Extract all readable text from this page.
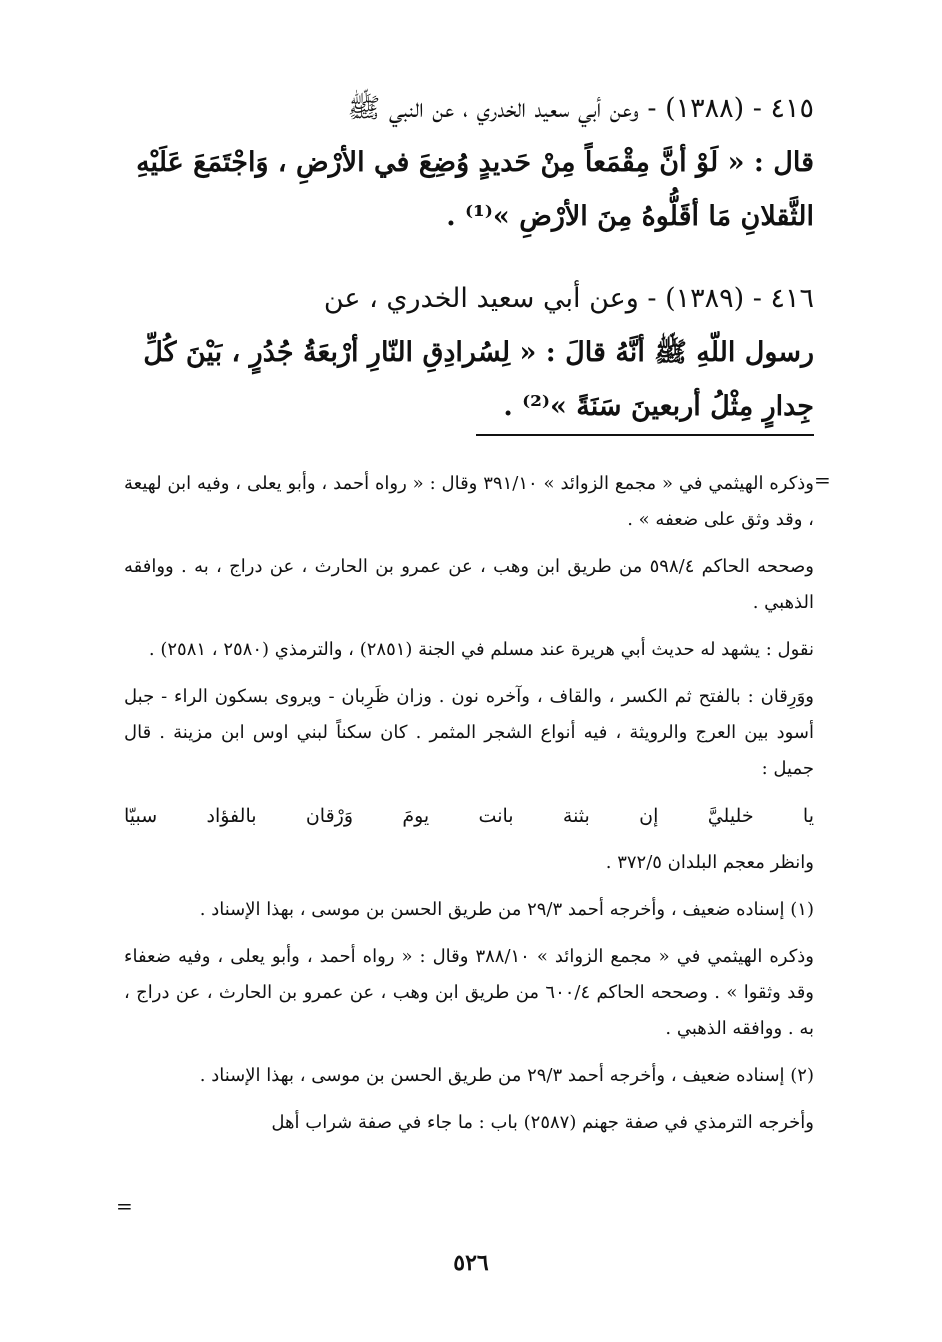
٤١٥ - (١٣٨٨) - وعن أبي سعيد الخدري ، عن النبي ﷺ

قال : « لَوْ أنَّ مِقْمَعاً مِنْ حَديدٍ وُضِعَ في الأرْضِ ، وَاجْتَمَعَ عَلَيْهِ

الثَّقلانِ مَا أقَلُّوهُ مِنَ الأرْضِ »⁽¹⁾ .

٤١٦ - (١٣٨٩) - وعن أبي سعيد الخدري ، عن

رسول اللّهِ ﷺ أنَّهُ قالَ : « لِسُرادِقِ النّارِ أرْبعَةُ جُدُرٍ ، بَيْنَ كُلِّ

جِدارٍ مِثْلُ أربعينَ سَنَةً »⁽²⁾ .

=

وذكره الهيثمي في « مجمع الزوائد » ٣٩١/١٠ وقال : « رواه أحمد ، وأبو يعلى ، وفيه ابن لهيعة ، وقد وثق على ضعفه » .

وصححه الحاكم ٥٩٨/٤ من طريق ابن وهب ، عن عمرو بن الحارث ، عن دراج ، به . ووافقه الذهبي .

نقول : يشهد له حديث أبي هريرة عند مسلم في الجنة (٢٨٥١) ، والترمذي (٢٥٨٠ ، ٢٥٨١) .

ووَرِقان : بالفتح ثم الكسر ، والقاف ، وآخره نون . وزان ظَرِبان - ويروى بسكون الراء - جبل أسود بين العرج والرويثة ، فيه أنواع الشجر المثمر . كان سكناً لبني اوس ابن مزينة . قال جميل :

يا خليليَّ إن بثنة بانت يومَ وَرْقان بالفؤاد سبيّا

وانظر معجم البلدان ٣٧٢/٥ .

(١) إسناده ضعيف ، وأخرجه أحمد ٢٩/٣ من طريق الحسن بن موسى ، بهذا الإسناد .

وذكره الهيثمي في « مجمع الزوائد » ٣٨٨/١٠ وقال : « رواه أحمد ، وأبو يعلى ، وفيه ضعفاء وقد وثقوا » . وصححه الحاكم ٦٠٠/٤ من طريق ابن وهب ، عن عمرو بن الحارث ، عن دراج ، به . ووافقه الذهبي .

(٢) إسناده ضعيف ، وأخرجه أحمد ٢٩/٣ من طريق الحسن بن موسى ، بهذا الإسناد .

وأخرجه الترمذي في صفة جهنم (٢٥٨٧) باب : ما جاء في صفة شراب أهل

=
٥٢٦
